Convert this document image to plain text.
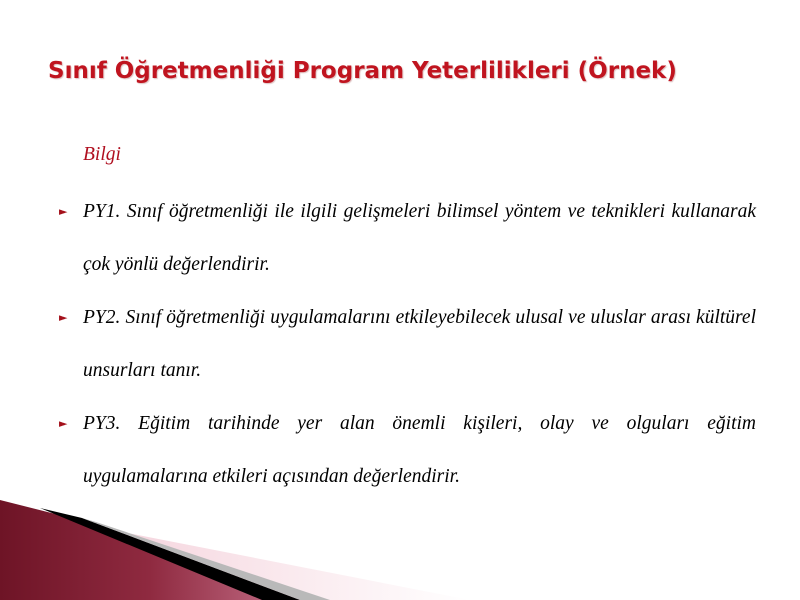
Sınıf Öğretmenliği Program Yeterlilikleri (Örnek)
Bilgi
► PY1. Sınıf öğretmenliği ile ilgili gelişmeleri bilimsel yöntem ve teknikleri kullanarak çok yönlü değerlendirir.
► PY2. Sınıf öğretmenliği uygulamalarını etkileyebilecek ulusal ve uluslar arası kültürel unsurları tanır.
► PY3. Eğitim tarihinde yer alan önemli kişileri, olay ve olguları eğitim uygulamalarına etkileri açısından değerlendirir.
